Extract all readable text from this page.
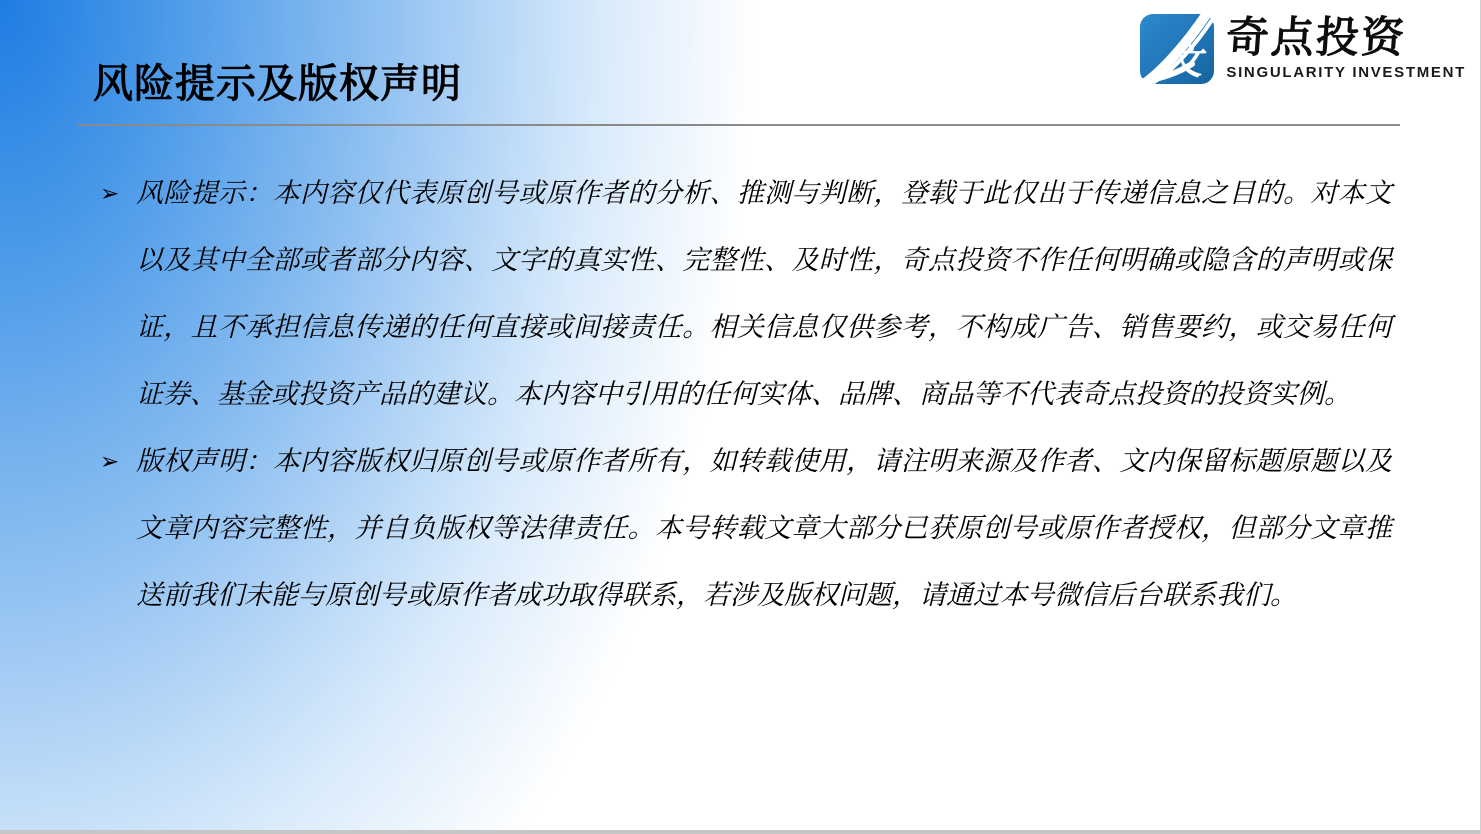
风险提示及版权声明
文 奇点投资
SINGULARITY INVESTMENT
➢ 风险提示：本内容仅代表原创号或原作者的分析、推测与判断，登载于此仅出于传递信息之目的。对本文以及其中全部或者部分内容、文字的真实性、完整性、及时性，奇点投资不作任何明确或隐含的声明或保证，且不承担信息传递的任何直接或间接责任。相关信息仅供参考，不构成广告、销售要约，或交易任何证券、基金或投资产品的建议。本内容中引用的任何实体、品牌、商品等不代表奇点投资的投资实例。

➢ 版权声明：本内容版权归原创号或原作者所有，如转载使用，请注明来源及作者、文内保留标题原题以及文章内容完整性，并自负版权等法律责任。本号转载文章大部分已获原创号或原作者授权，但部分文章推送前我们未能与原创号或原作者成功取得联系，若涉及版权问题，请通过本号微信后台联系我们。
